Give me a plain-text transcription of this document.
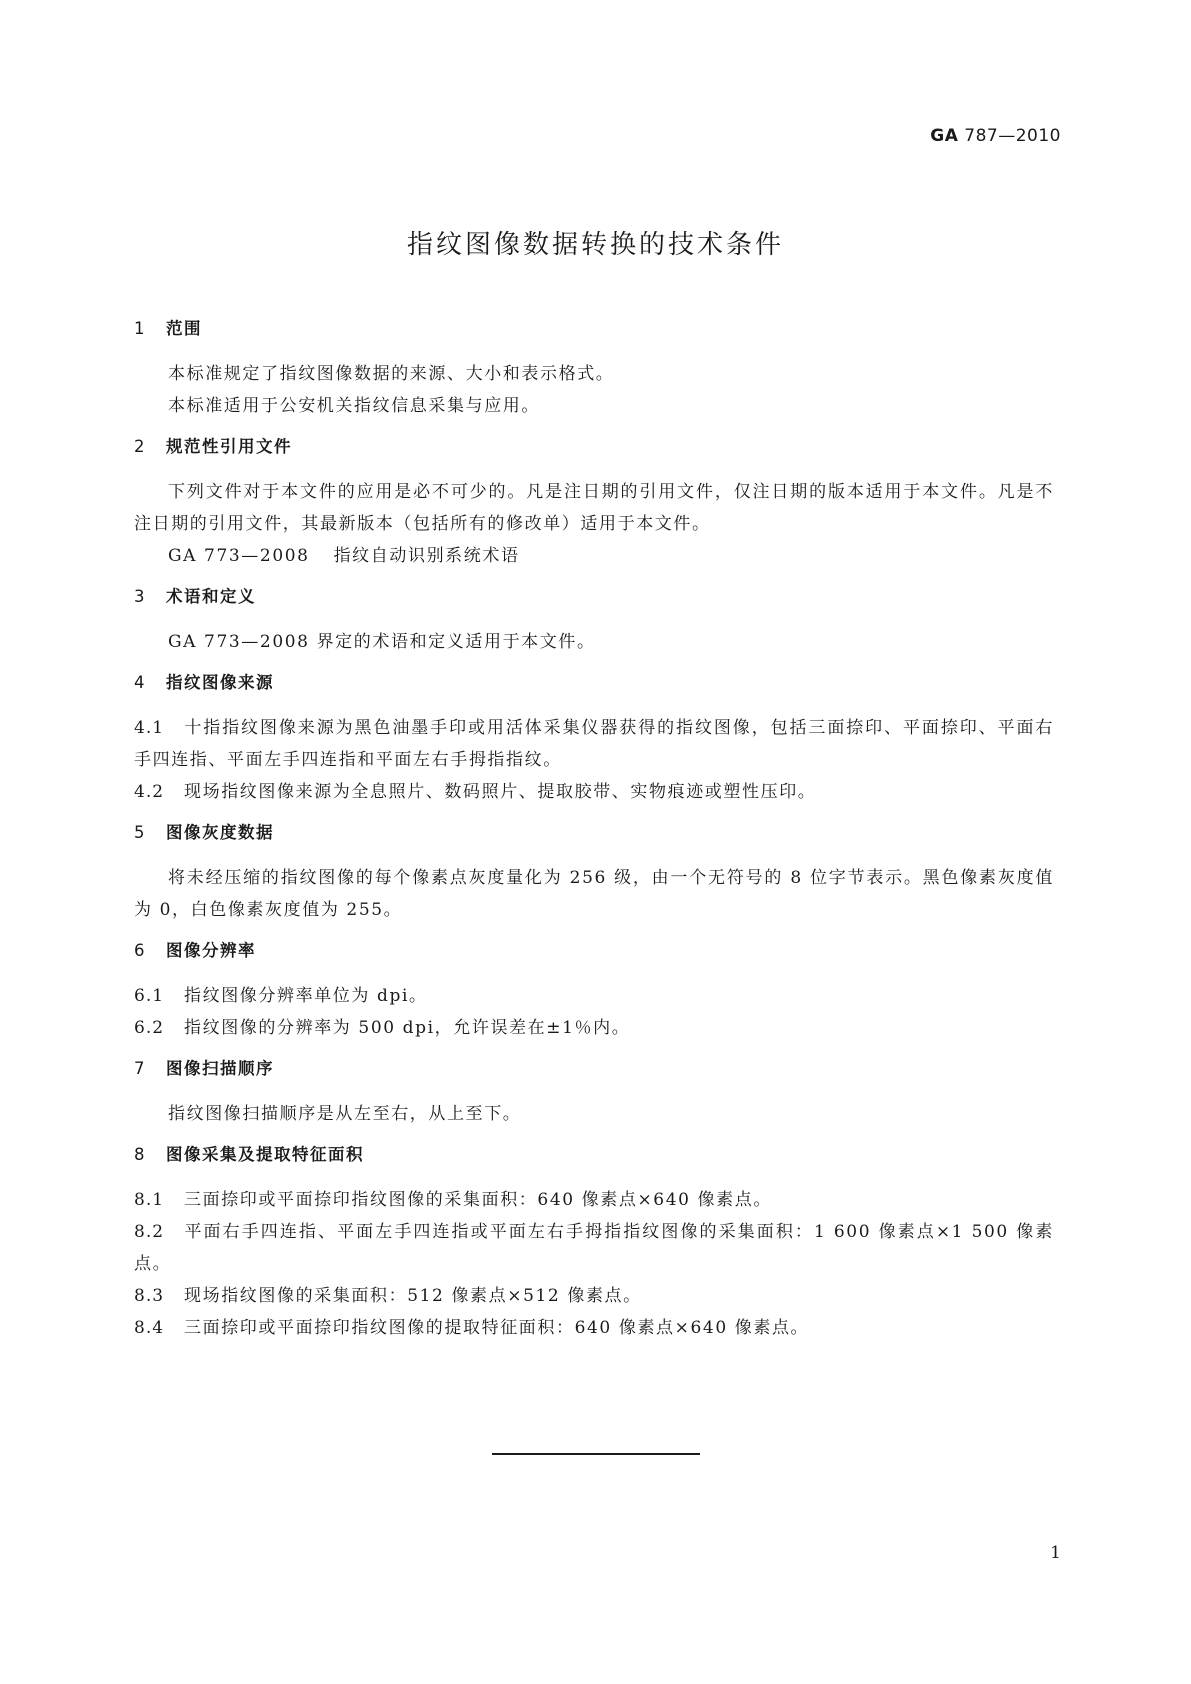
GA 787—2010
指纹图像数据转换的技术条件
1 范围

本标准规定了指纹图像数据的来源、大小和表示格式。

本标准适用于公安机关指纹信息采集与应用。

2 规范性引用文件

下列文件对于本文件的应用是必不可少的。凡是注日期的引用文件，仅注日期的版本适用于本文件。凡是不注日期的引用文件，其最新版本（包括所有的修改单）适用于本文件。

GA 773—2008 指纹自动识别系统术语

3 术语和定义

GA 773—2008 界定的术语和定义适用于本文件。

4 指纹图像来源

4.1 十指指纹图像来源为黑色油墨手印或用活体采集仪器获得的指纹图像，包括三面捺印、平面捺印、平面右手四连指、平面左手四连指和平面左右手拇指指纹。

4.2 现场指纹图像来源为全息照片、数码照片、提取胶带、实物痕迹或塑性压印。

5 图像灰度数据

将未经压缩的指纹图像的每个像素点灰度量化为 256 级，由一个无符号的 8 位字节表示。黑色像素灰度值为 0，白色像素灰度值为 255。

6 图像分辨率

6.1 指纹图像分辨率单位为 dpi。

6.2 指纹图像的分辨率为 500 dpi，允许误差在±1％内。

7 图像扫描顺序

指纹图像扫描顺序是从左至右，从上至下。

8 图像采集及提取特征面积

8.1 三面捺印或平面捺印指纹图像的采集面积：640 像素点×640 像素点。

8.2 平面右手四连指、平面左手四连指或平面左右手拇指指纹图像的采集面积：1 600 像素点×1 500 像素点。

8.3 现场指纹图像的采集面积：512 像素点×512 像素点。

8.4 三面捺印或平面捺印指纹图像的提取特征面积：640 像素点×640 像素点。

1
